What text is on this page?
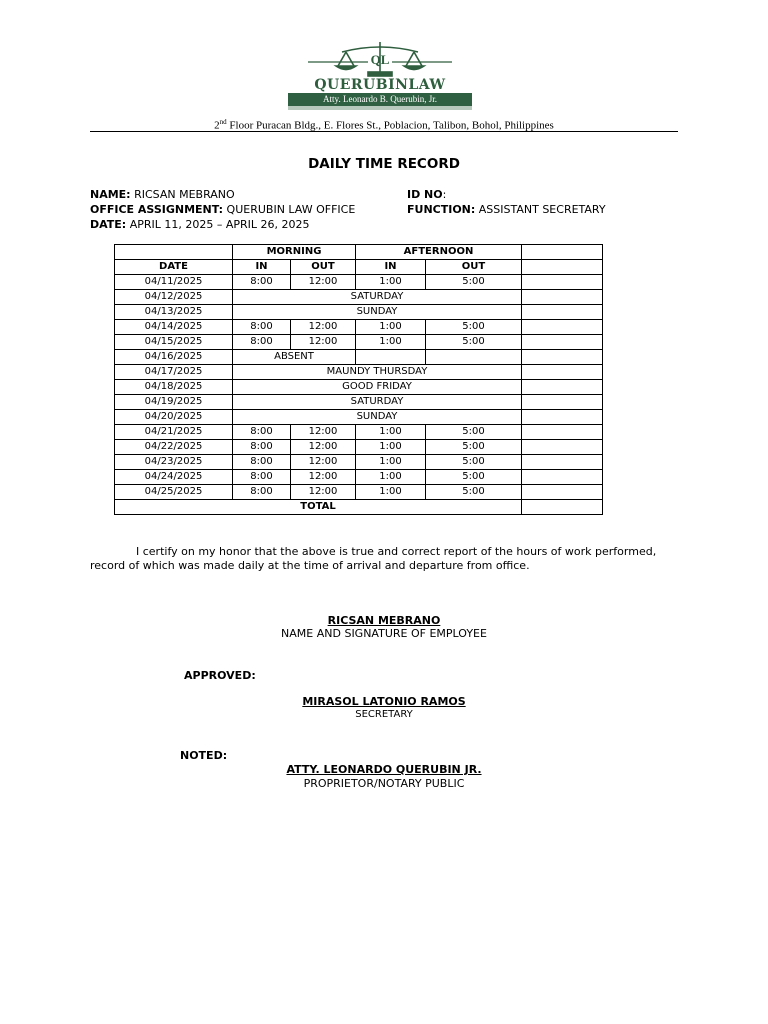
QL
QUERUBINLAW
Atty. Leonardo B. Querubin, Jr.
2nd Floor Puracan Bldg., E. Flores St., Poblacion, Talibon, Bohol, Philippines
DAILY TIME RECORD
NAME: RICSAN MEBRANO	ID NO:
OFFICE ASSIGNMENT: QUERUBIN LAW OFFICE	FUNCTION: ASSISTANT SECRETARY
DATE: APRIL 11, 2025 – APRIL 26, 2025
	MORNING		AFTERNOON		
DATE	IN	OUT	IN	OUT	
04/11/2025	8:00	12:00	1:00	5:00	
04/12/2025	SATURDAY				
04/13/2025	SUNDAY				
04/14/2025	8:00	12:00	1:00	5:00	
04/15/2025	8:00	12:00	1:00	5:00	
04/16/2025	ABSENT				
04/17/2025	MAUNDY THURSDAY				
04/18/2025	GOOD FRIDAY				
04/19/2025	SATURDAY				
04/20/2025	SUNDAY				
04/21/2025	8:00	12:00	1:00	5:00	
04/22/2025	8:00	12:00	1:00	5:00	
04/23/2025	8:00	12:00	1:00	5:00	
04/24/2025	8:00	12:00	1:00	5:00	
04/25/2025	8:00	12:00	1:00	5:00	
TOTAL					
I certify on my honor that the above is true and correct report of the hours of work performed, record of which was made daily at the time of arrival and departure from office.
RICSAN MEBRANO
NAME AND SIGNATURE OF EMPLOYEE
APPROVED:
MIRASOL LATONIO RAMOS
SECRETARY
NOTED:
ATTY. LEONARDO QUERUBIN JR.
PROPRIETOR/NOTARY PUBLIC
